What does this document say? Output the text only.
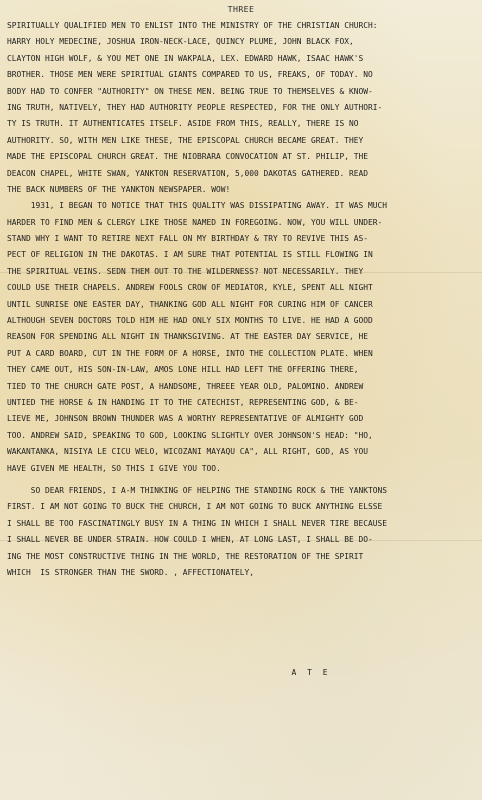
THREE
SPIRITUALLY QUALIFIED MEN TO ENLIST INTO THE MINISTRY OF THE CHRISTIAN CHURCH:
HARRY HOLY MEDECINE, JOSHUA IRON-NECK-LACE, QUINCY PLUME, JOHN BLACK FOX,
CLAYTON HIGH WOLF, & YOU MET ONE IN WAKPALA, LEX. EDWARD HAWK, ISAAC HAWK'S
BROTHER. THOSE MEN WERE SPIRITUAL GIANTS COMPARED TO US, FREAKS, OF TODAY. NO
BODY HAD TO CONFER "AUTHORITY" ON THESE MEN. BEING TRUE TO THEMSELVES & KNOW-
ING TRUTH, NATIVELY, THEY HAD AUTHORITY PEOPLE RESPECTED, FOR THE ONLY AUTHORI-
TY IS TRUTH. IT AUTHENTICATES ITSELF. ASIDE FROM THIS, REALLY, THERE IS NO
AUTHORITY. SO, WITH MEN LIKE THESE, THE EPISCOPAL CHURCH BECAME GREAT. THEY
MADE THE EPISCOPAL CHURCH GREAT. THE NIOBRARA CONVOCATION AT ST. PHILIP, THE
DEACON CHAPEL, WHITE SWAN, YANKTON RESERVATION, 5,000 DAKOTAS GATHERED. READ
THE BACK NUMBERS OF THE YANKTON NEWSPAPER. WOW!
1931, I BEGAN TO NOTICE THAT THIS QUALITY WAS DISSIPATING AWAY. IT WAS MUCH
HARDER TO FIND MEN & CLERGY LIKE THOSE NAMED IN FOREGOING. NOW, YOU WILL UNDER-
STAND WHY I WANT TO RETIRE NEXT FALL ON MY BIRTHDAY & TRY TO REVIVE THIS AS-
PECT OF RELIGION IN THE DAKOTAS. I AM SURE THAT POTENTIAL IS STILL FLOWING IN
THE SPIRITUAL VEINS. SEDN THEM OUT TO THE WILDERNESS? NOT NECESSARILY. THEY
COULD USE THEIR CHAPELS. ANDREW FOOLS CROW OF MEDIATOR, KYLE, SPENT ALL NIGHT
UNTIL SUNRISE ONE EASTER DAY, THANKING GOD ALL NIGHT FOR CURING HIM OF CANCER
ALTHOUGH SEVEN DOCTORS TOLD HIM HE HAD ONLY SIX MONTHS TO LIVE. HE HAD A GOOD
REASON FOR SPENDING ALL NIGHT IN THANKSGIVING. AT THE EASTER DAY SERVICE, HE
PUT A CARD BOARD, CUT IN THE FORM OF A HORSE, INTO THE COLLECTION PLATE. WHEN
THEY CAME OUT, HIS SON-IN-LAW, AMOS LONE HILL HAD LEFT THE OFFERING THERE,
TIED TO THE CHURCH GATE POST, A HANDSOME, THREEE YEAR OLD, PALOMINO. ANDREW
UNTIED THE HORSE & IN HANDING IT TO THE CATECHIST, REPRESENTING GOD, & BE-
LIEVE ME, JOHNSON BROWN THUNDER WAS A WORTHY REPRESENTATIVE OF ALMIGHTY GOD
TOO. ANDREW SAID, SPEAKING TO GOD, LOOKING SLIGHTLY OVER JOHNSON'S HEAD: "HO,
WAKANTANKA, NISIYA LE CICU WELO, WICOZANI MAYAQU CA", ALL RIGHT, GOD, AS YOU
HAVE GIVEN ME HEALTH, SO THIS I GIVE YOU TOO.
SO DEAR FRIENDS, I A-M THINKING OF HELPING THE STANDING ROCK & THE YANKTONS
FIRST. I AM NOT GOING TO BUCK THE CHURCH, I AM NOT GOING TO BUCK ANYTHING ELSSE
I SHALL BE TOO FASCINATINGLY BUSY IN A THING IN WHICH I SHALL NEVER TIRE BECAUSE
I SHALL NEVER BE UNDER STRAIN. HOW COULD I WHEN, AT LONG LAST, I SHALL BE DO-
ING THE MOST CONSTRUCTIVE THING IN THE WORLD, THE RESTORATION OF THE SPIRIT
WHICH  IS STRONGER THAN THE SWORD. , AFFECTIONATELY,
A T E
